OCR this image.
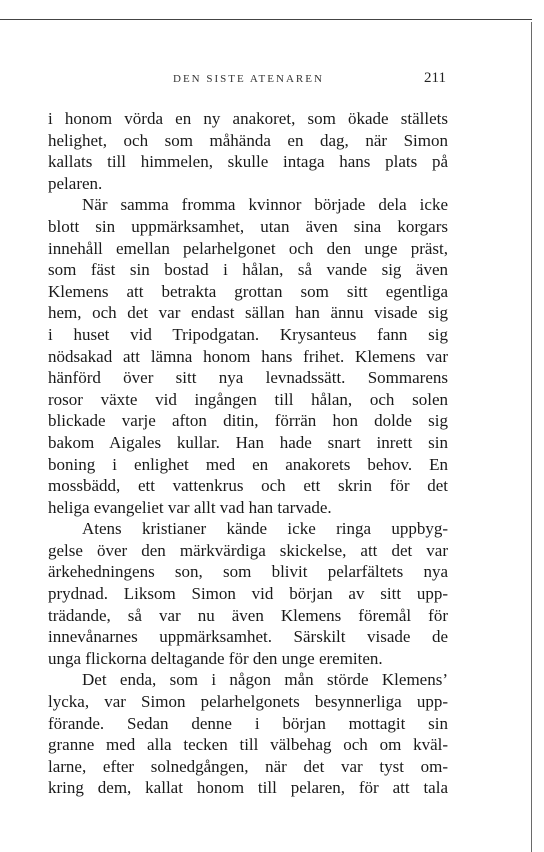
DEN SISTE ATENAREN	211
i honom vörda en ny anakoret, som ökade ställets
helighet, och som måhända en dag, när Simon
kallats till himmelen, skulle intaga hans plats på
pelaren.
När samma fromma kvinnor började dela icke
blott sin uppmärksamhet, utan även sina korgars
innehåll emellan pelarhelgonet och den unge präst,
som fäst sin bostad i hålan, så vande sig även
Klemens att betrakta grottan som sitt egentliga
hem, och det var endast sällan han ännu visade sig
i huset vid Tripodgatan. Krysanteus fann sig
nödsakad att lämna honom hans frihet. Klemens var
hänförd över sitt nya levnadssätt. Sommarens
rosor växte vid ingången till hålan, och solen
blickade varje afton ditin, förrän hon dolde sig
bakom Aigales kullar. Han hade snart inrett sin
boning i enlighet med en anakorets behov. En
mossbädd, ett vattenkrus och ett skrin för det
heliga evangeliet var allt vad han tarvade.
Atens kristianer kände icke ringa uppbyg-
gelse över den märkvärdiga skickelse, att det var
ärkehedningens son, som blivit pelarfältets nya
prydnad. Liksom Simon vid början av sitt upp-
trädande, så var nu även Klemens föremål för
innevånarnes uppmärksamhet. Särskilt visade de
unga flickorna deltagande för den unge eremiten.
Det enda, som i någon mån störde Klemens’
lycka, var Simon pelarhelgonets besynnerliga upp-
förande. Sedan denne i början mottagit sin
granne med alla tecken till välbehag och om kväl-
larne, efter solnedgången, när det var tyst om-
kring dem, kallat honom till pelaren, för att tala
